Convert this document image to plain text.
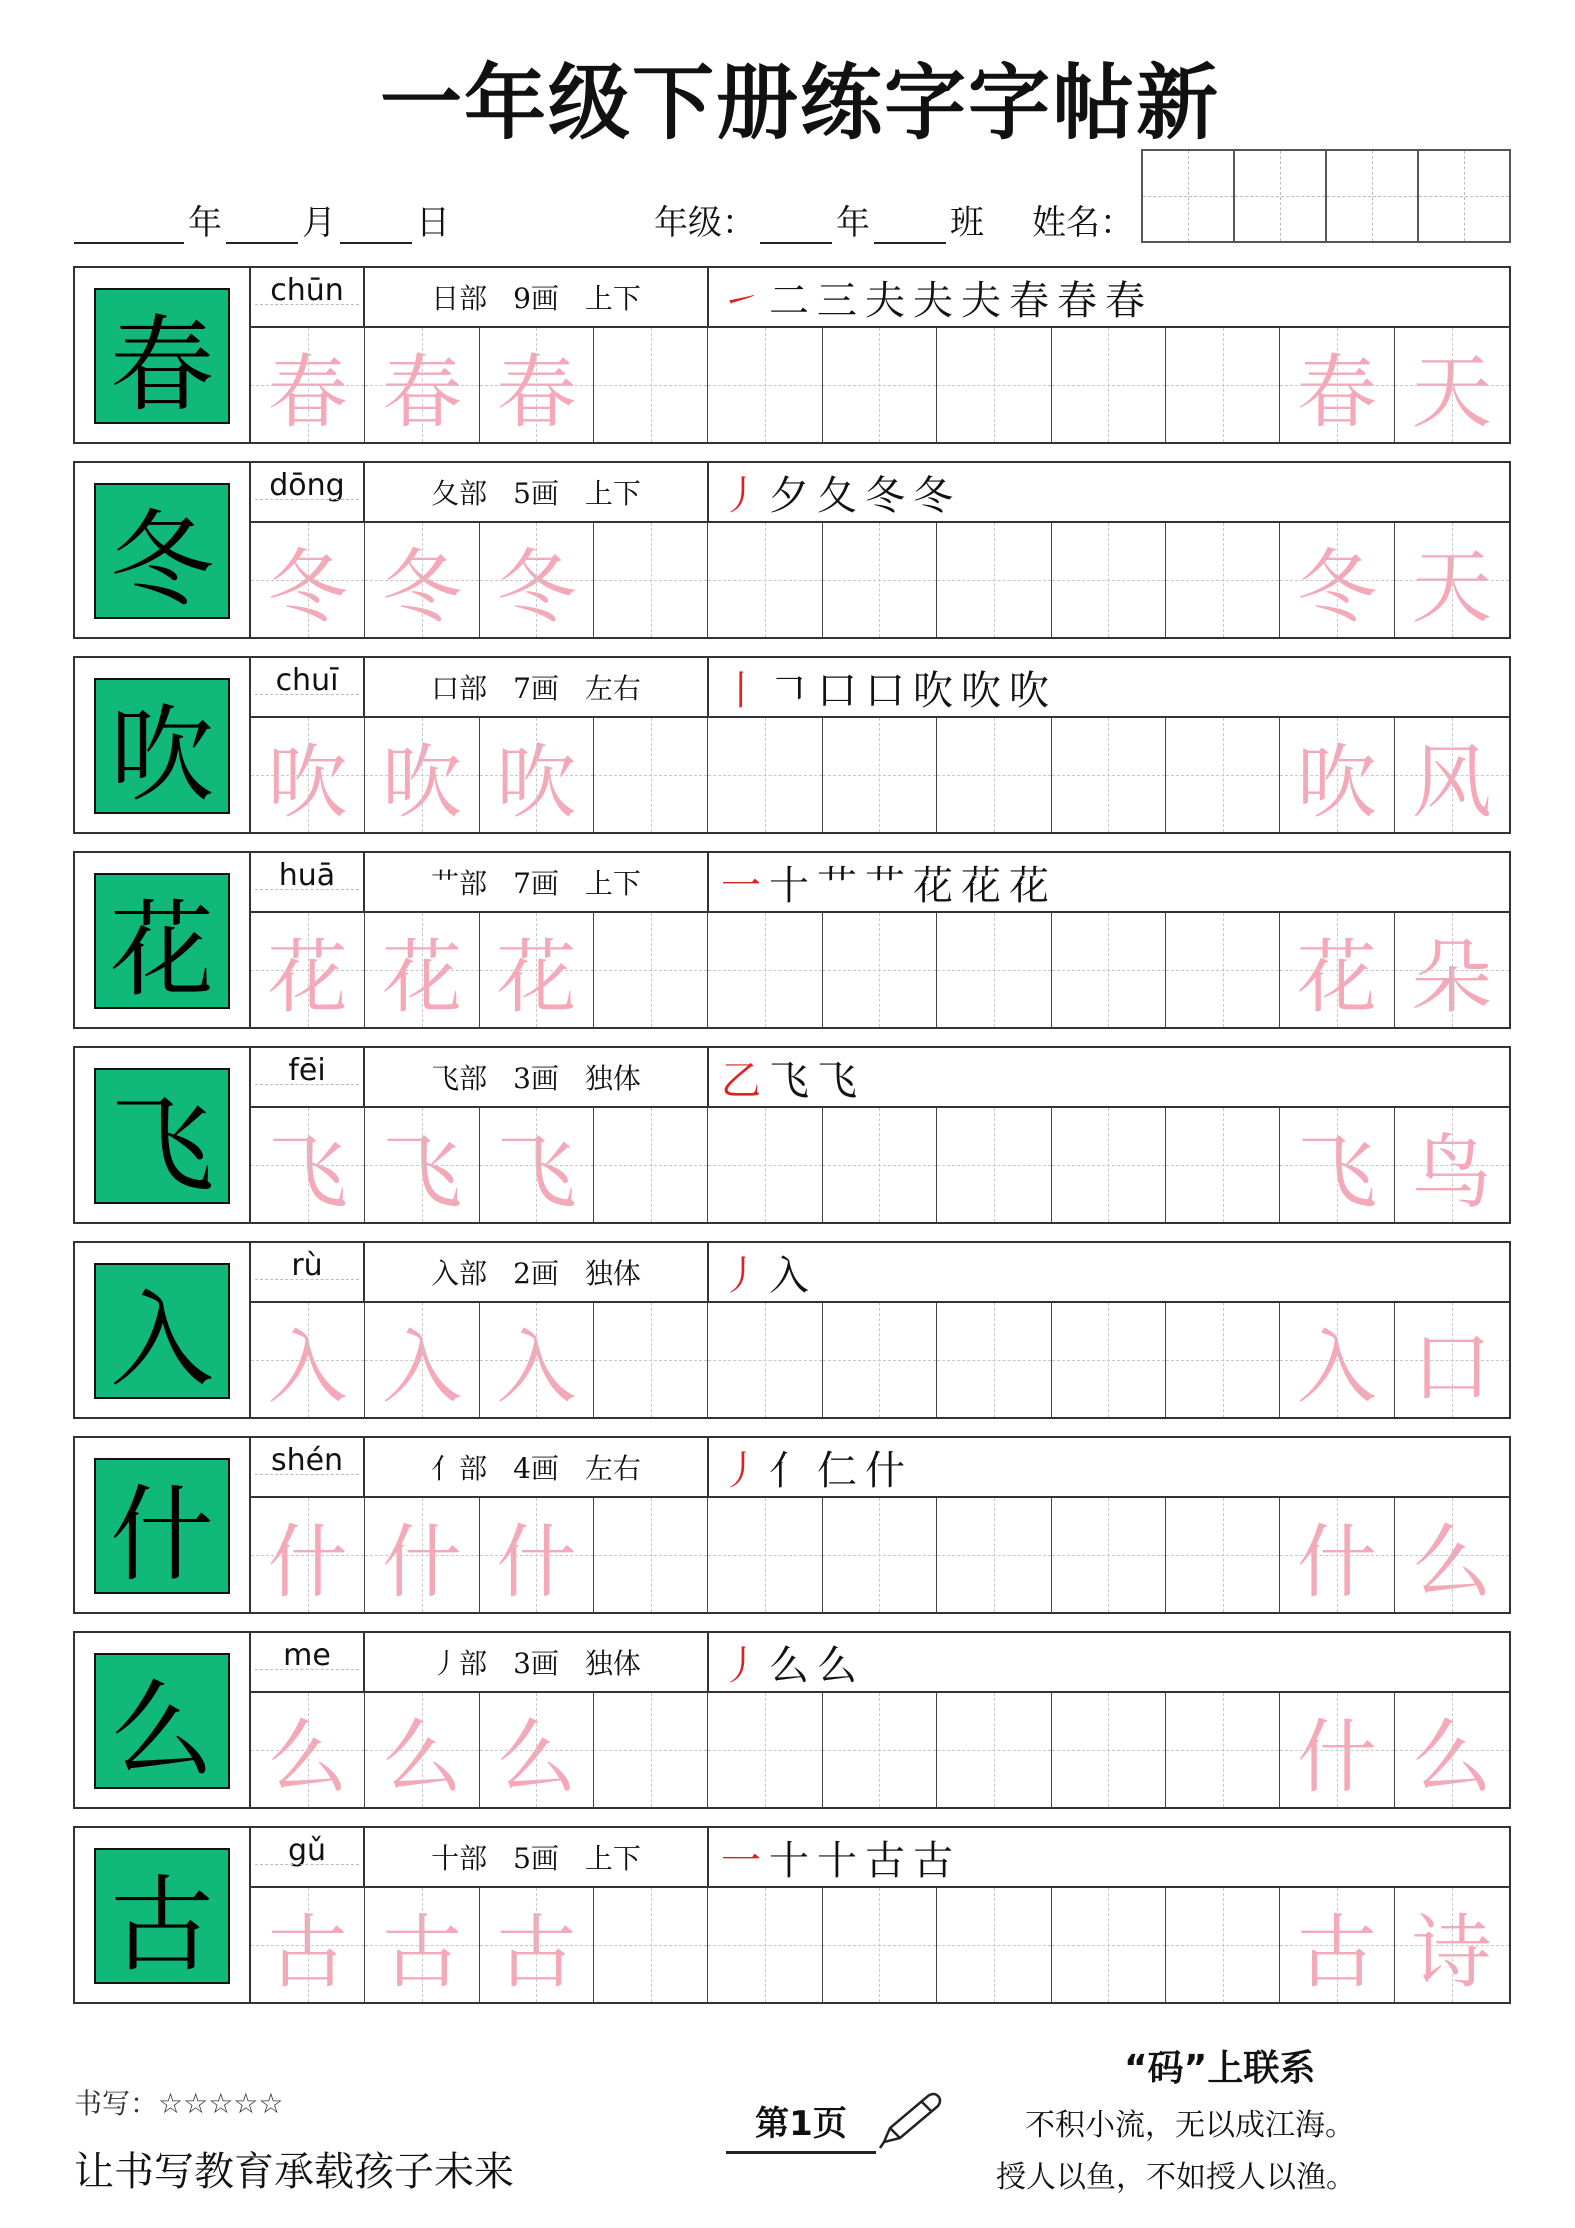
一年级下册练字字帖新
年 月 日	年级： 年 班 姓名：
春
chūn	日部 9画 上下 ㇀ 二 三 夫 夫 夫 春 春 春
春 春 春	春 天
冬
dōng	夂部 5画 上下 丿 夕 夂 冬 冬
冬 冬 冬	冬 天
吹
chuī	口部 7画 左右 丨 𠃍 口 口 吹 吹 吹
吹 吹 吹	吹 风
花
huā	艹部 7画 上下 一 十 艹 艹 花 花 花
花 花 花	花 朵
飞
fēi	飞部 3画 独体 乙 飞 飞
飞 飞 飞	飞 鸟
入
rù	入部 2画 独体 丿 入
入 入 入	入 口
什
shén	亻部 4画 左右 丿 亻 仁 什
什 什 什	什 么
么
me	丿部 3画 独体 丿 么 么
么 么 么	什 么
古
gǔ	十部 5画 上下 一 十 十 古 古
古 古 古	古 诗
书写：☆☆☆☆☆
让书写教育承载孩子未来
第1页
“码”上联系
不积小流，无以成江海。
授人以鱼，不如授人以渔。
